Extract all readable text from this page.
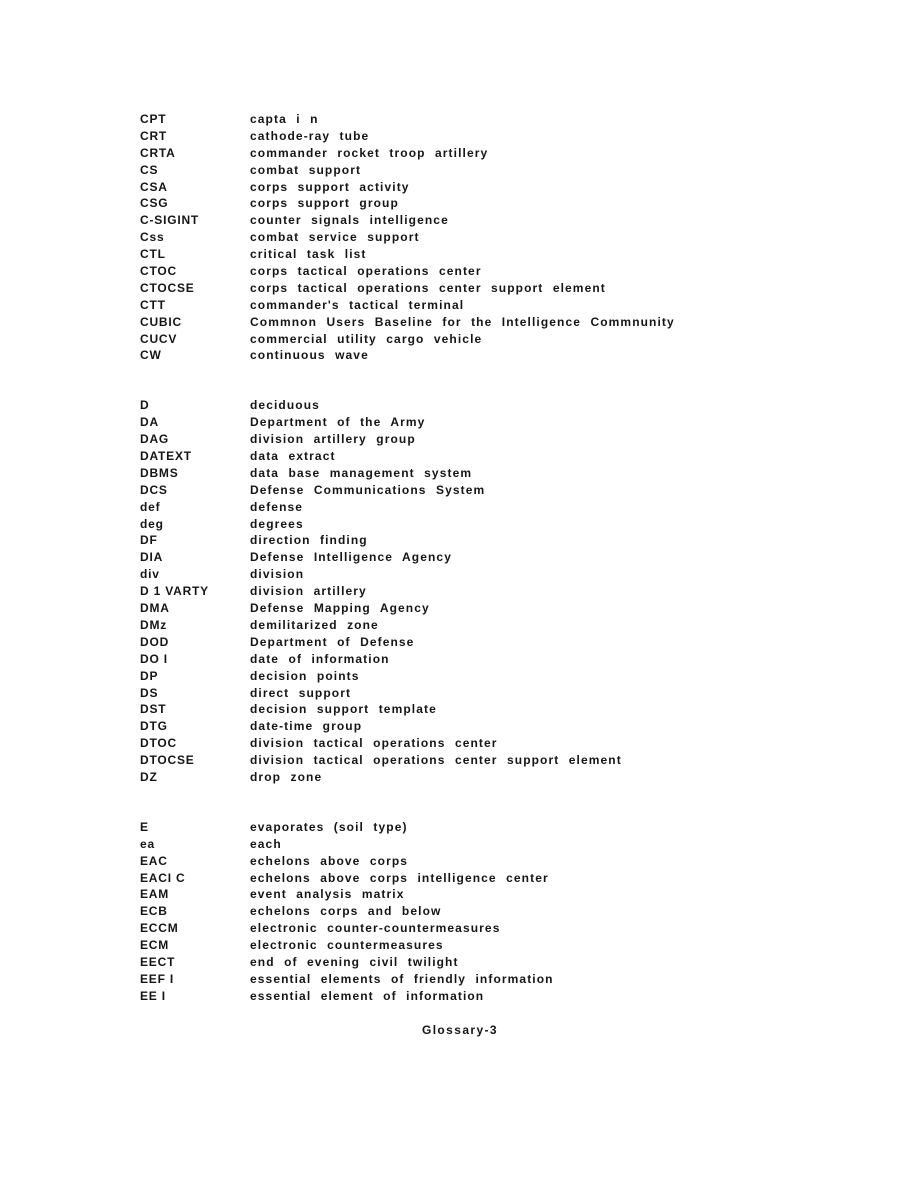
CPT	capta i n
CRT	cathode-ray tube
CRTA	commander rocket troop artillery
CS	combat support
CSA	corps support activity
CSG	corps support group
C-SIGINT	counter signals intelligence
Css	combat service support
CTL	critical task list
CTOC	corps tactical operations center
CTOCSE	corps tactical operations center support element
CTT	commander's tactical terminal
CUBIC	Commnon Users Baseline for the Intelligence Commnunity
CUCV	commercial utility cargo vehicle
CW	continuous wave
D	deciduous
DA	Department of the Army
DAG	division artillery group
DATEXT	data extract
DBMS	data base management system
DCS	Defense Communications System
def	defense
deg	degrees
DF	direction finding
DIA	Defense Intelligence Agency
div	division
D 1 VARTY	division artillery
DMA	Defense Mapping Agency
DMz	demilitarized zone
DOD	Department of Defense
DO I	date of information
DP	decision points
DS	direct support
DST	decision support template
DTG	date-time group
DTOC	division tactical operations center
DTOCSE	division tactical operations center support element
DZ	drop zone
E	evaporates (soil type)
ea	each
EAC	echelons above corps
EACI C	echelons above corps intelligence center
EAM	event analysis matrix
ECB	echelons corps and below
ECCM	electronic counter-countermeasures
ECM	electronic countermeasures
EECT	end of evening civil twilight
EEF I	essential elements of friendly information
EE I	essential element of information
Glossary-3
